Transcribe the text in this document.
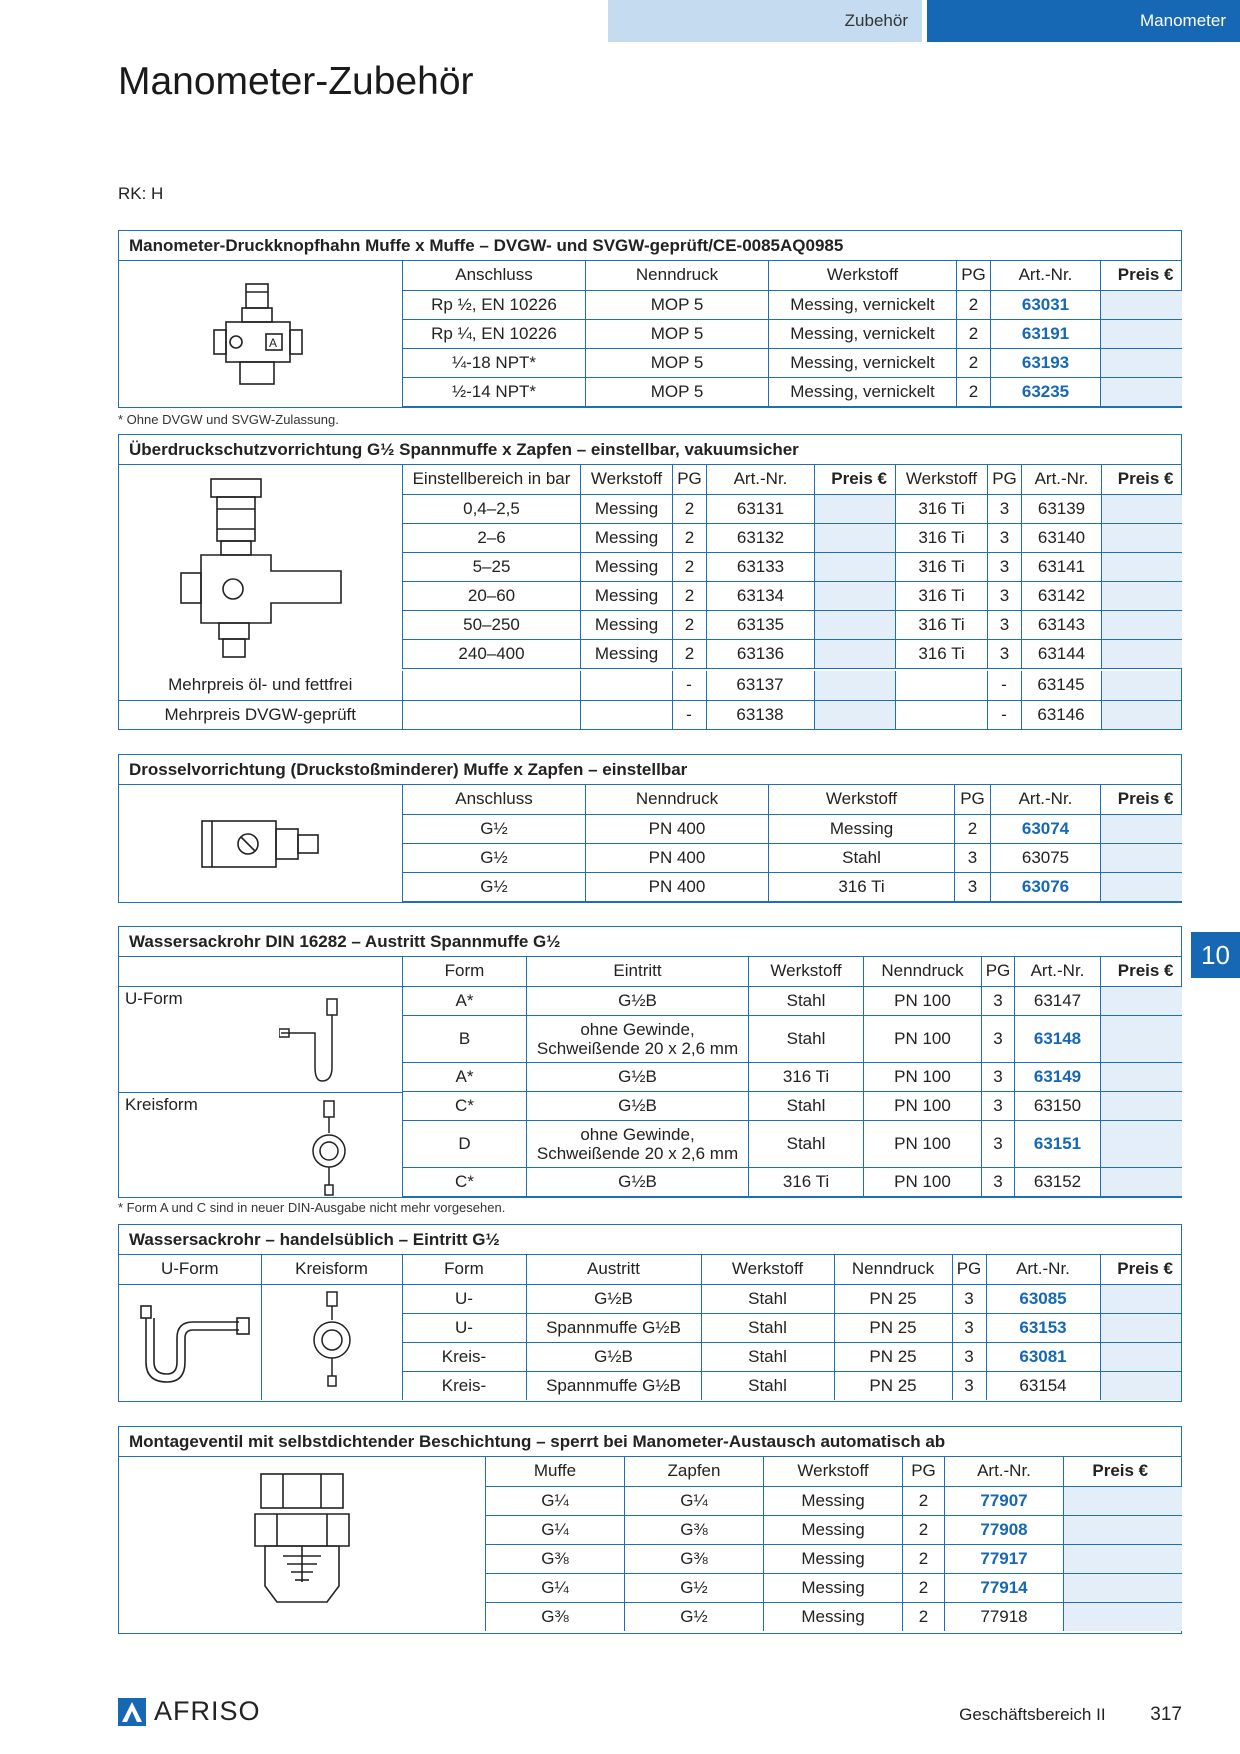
Zubehör	Manometer
Manometer-Zubehör
RK: H
10
Manometer-Druckknopfhahn Muffe x Muffe – DVGW- und SVGW-geprüft/CE-0085AQ0985
A
Anschluss	Nenndruck	Werkstoff	PG	Art.-Nr.	Preis €
Rp ½, EN 10226	MOP 5	Messing, vernickelt	2	63031	
Rp ¼, EN 10226	MOP 5	Messing, vernickelt	2	63191	
¼-18 NPT*	MOP 5	Messing, vernickelt	2	63193	
½-14 NPT*	MOP 5	Messing, vernickelt	2	63235	
* Ohne DVGW und SVGW-Zulassung.
Überdruckschutzvorrichtung G½ Spannmuffe x Zapfen – einstellbar, vakuumsicher
Einstellbereich in bar	Werkstoff	PG	Art.-Nr.	Preis €	Werkstoff	PG	Art.-Nr.	Preis €
0,4–2,5	Messing	2	63131		316 Ti	3	63139	
2–6	Messing	2	63132		316 Ti	3	63140	
5–25	Messing	2	63133		316 Ti	3	63141	
20–60	Messing	2	63134		316 Ti	3	63142	
50–250	Messing	2	63135		316 Ti	3	63143	
240–400	Messing	2	63136		316 Ti	3	63144	
Mehrpreis öl- und fettfrei			-	63137			-	63145	
Mehrpreis DVGW-geprüft			-	63138			-	63146	
Drosselvorrichtung (Druckstoßminderer) Muffe x Zapfen – einstellbar
Anschluss	Nenndruck	Werkstoff	PG	Art.-Nr.	Preis €
G½	PN 400	Messing	2	63074	
G½	PN 400	Stahl	3	63075	
G½	PN 400	316 Ti	3	63076	
Wassersackrohr DIN 16282 – Austritt Spannmuffe G½
U-Form
Kreisform
Form	Eintritt	Werkstoff	Nenndruck	PG	Art.-Nr.	Preis €
A*	G½B	Stahl	PN 100	3	63147	
B	ohne Gewinde, Schweißende 20 x 2,6 mm	Stahl	PN 100	3	63148	
A*	G½B	316 Ti	PN 100	3	63149	
C*	G½B	Stahl	PN 100	3	63150	
D	ohne Gewinde, Schweißende 20 x 2,6 mm	Stahl	PN 100	3	63151	
C*	G½B	316 Ti	PN 100	3	63152	
* Form A und C sind in neuer DIN-Ausgabe nicht mehr vorgesehen.
Wassersackrohr – handelsüblich – Eintritt G½
U-Form	Kreisform	Form	Austritt	Werkstoff	Nenndruck	PG	Art.-Nr.	Preis €
		U-	G½B	Stahl	PN 25	3	63085	
		U-	Spannmuffe G½B	Stahl	PN 25	3	63153	
		Kreis-	G½B	Stahl	PN 25	3	63081	
		Kreis-	Spannmuffe G½B	Stahl	PN 25	3	63154	
Montageventil mit selbstdichtender Beschichtung – sperrt bei Manometer-Austausch automatisch ab
Muffe	Zapfen	Werkstoff	PG	Art.-Nr.	Preis €
G¼	G¼	Messing	2	77907	
G¼	G⅜	Messing	2	77908	
G⅜	G⅜	Messing	2	77917	
G¼	G½	Messing	2	77914	
G⅜	G½	Messing	2	77918	
AFRISO	Geschäftsbereich II 317
